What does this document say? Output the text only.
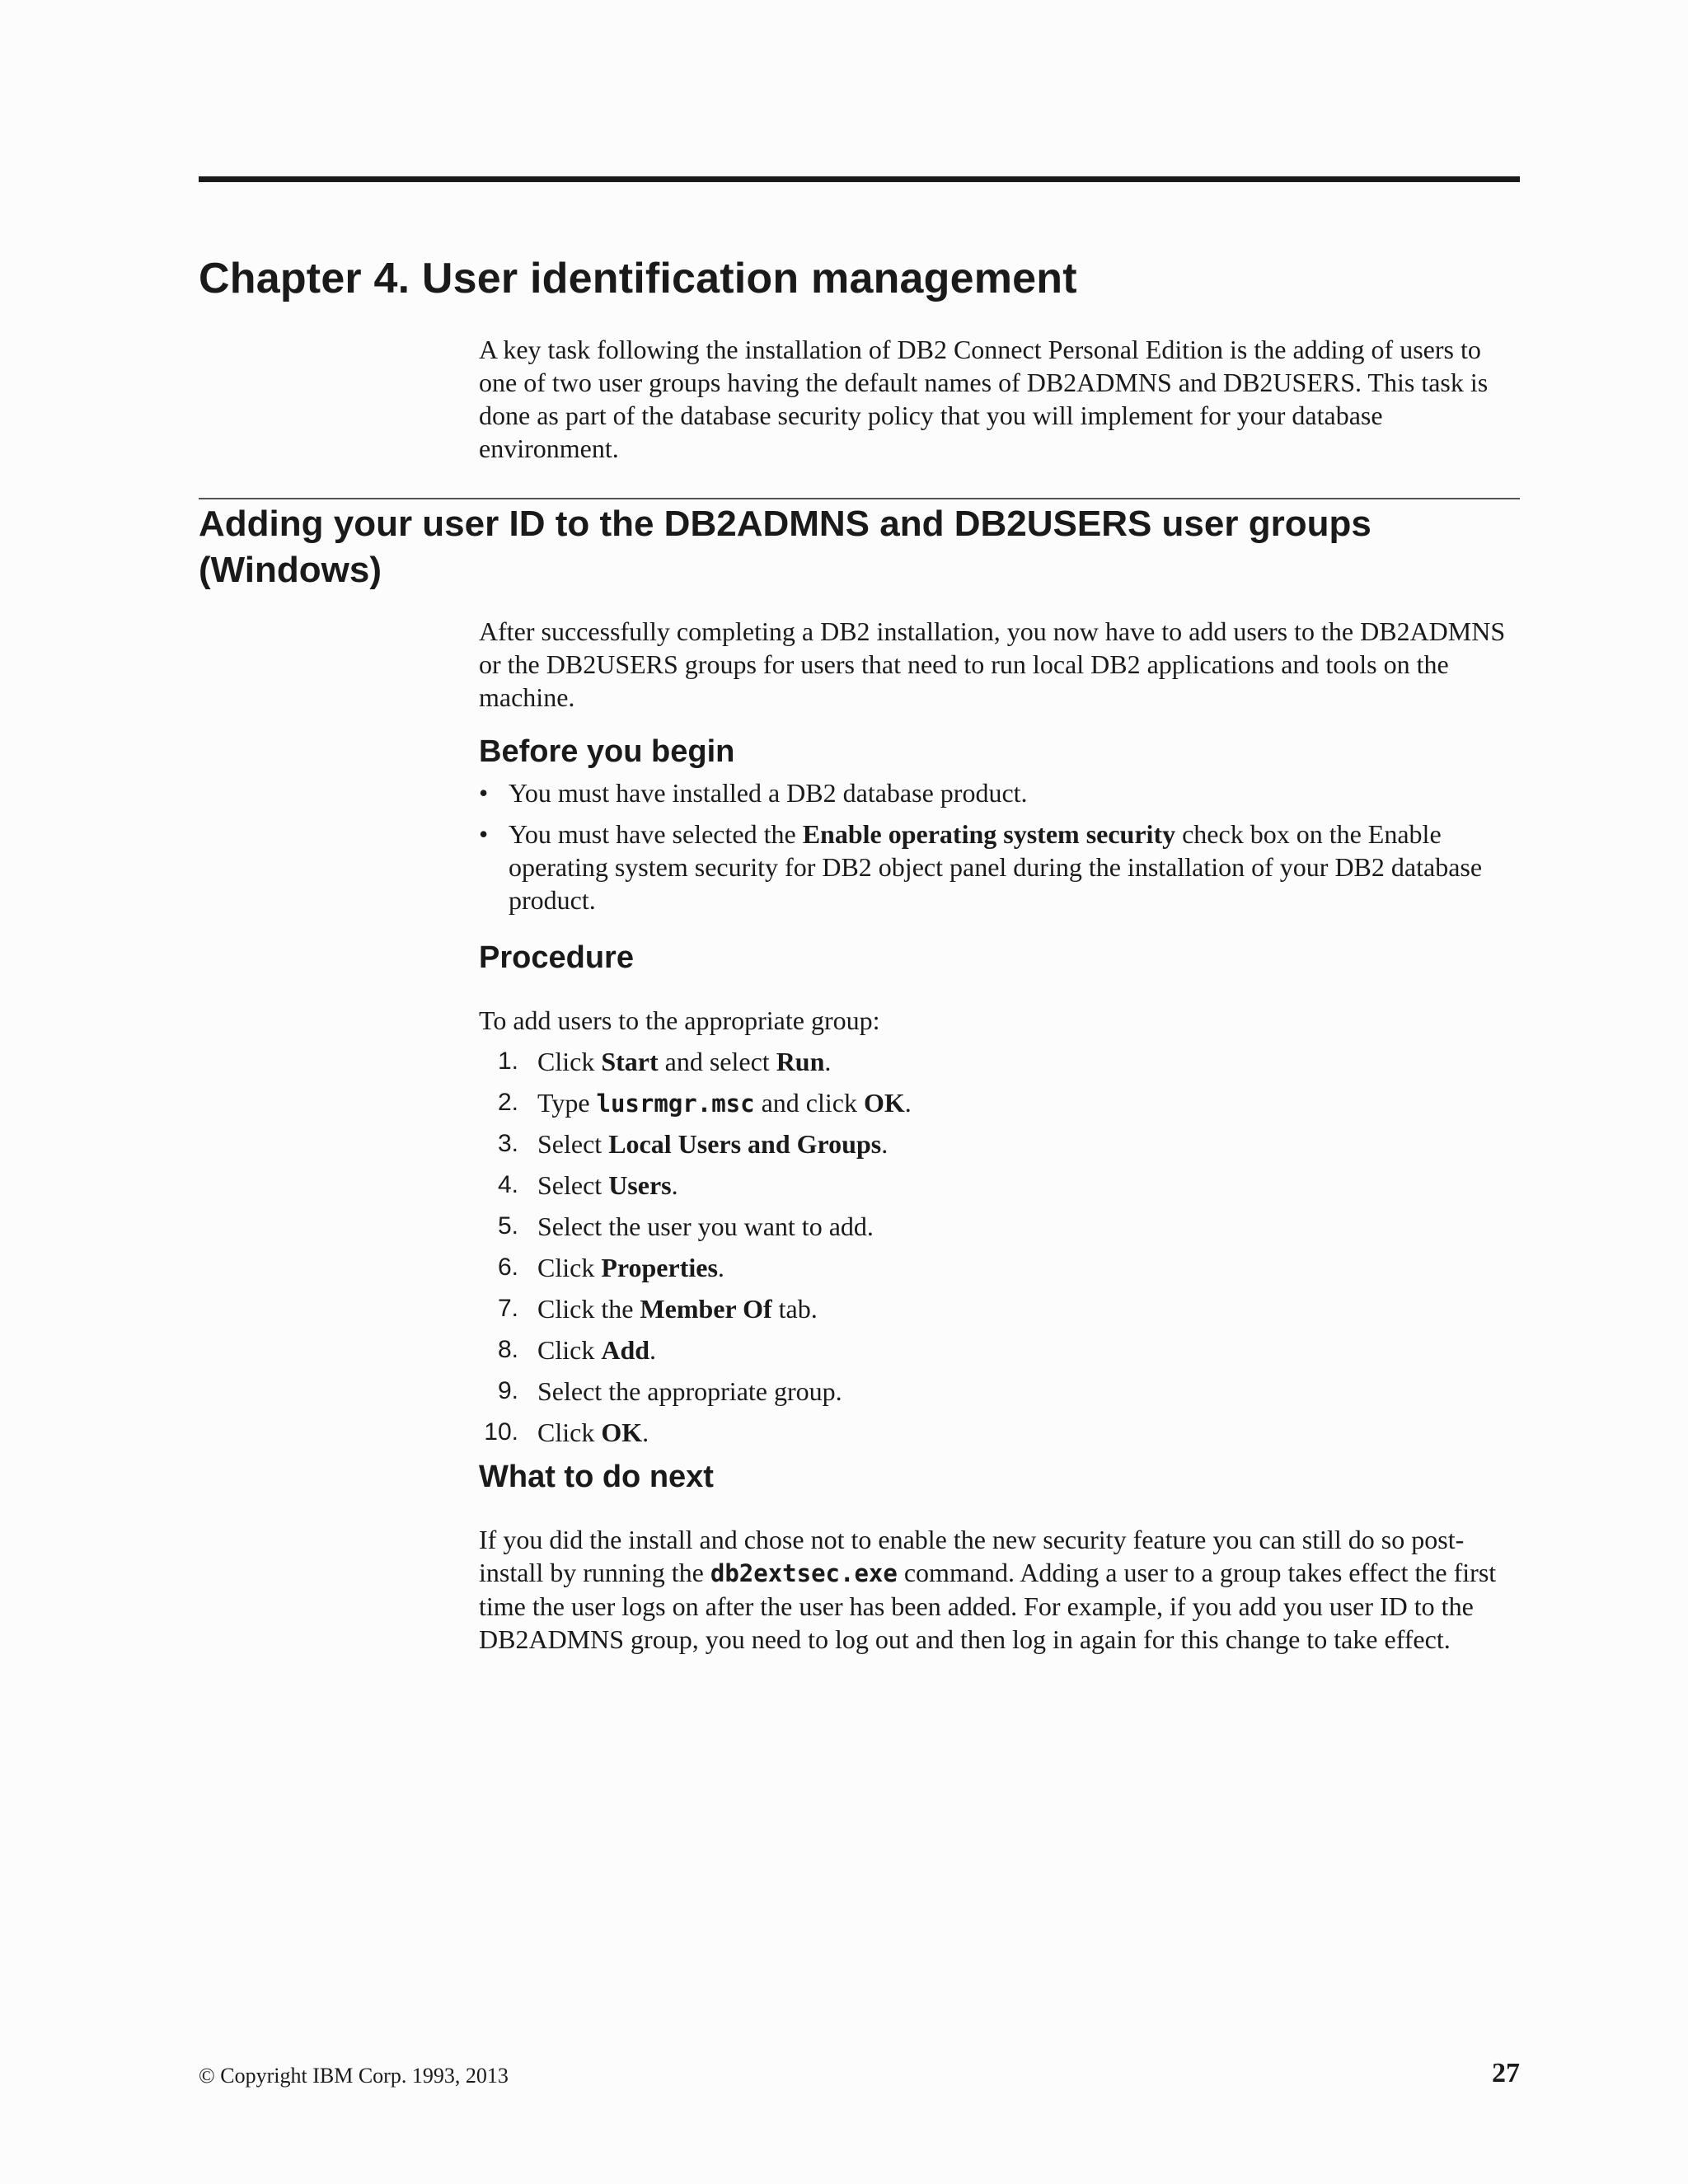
Chapter 4. User identification management

A key task following the installation of DB2 Connect Personal Edition is the adding of users to one of two user groups having the default names of DB2ADMNS and DB2USERS. This task is done as part of the database security policy that you will implement for your database environment.

Adding your user ID to the DB2ADMNS and DB2USERS user groups (Windows)

After successfully completing a DB2 installation, you now have to add users to the DB2ADMNS or the DB2USERS groups for users that need to run local DB2 applications and tools on the machine.

Before you begin
• You must have installed a DB2 database product.
• You must have selected the Enable operating system security check box on the Enable operating system security for DB2 object panel during the installation of your DB2 database product.
Procedure

To add users to the appropriate group:

1. Click Start and select Run.
2. Type lusrmgr.msc and click OK.
3. Select Local Users and Groups.
4. Select Users.
5. Select the user you want to add.
6. Click Properties.
7. Click the Member Of tab.
8. Click Add.
9. Select the appropriate group.
10. Click OK.
What to do next

If you did the install and chose not to enable the new security feature you can still do so post-install by running the db2extsec.exe command. Adding a user to a group takes effect the first time the user logs on after the user has been added. For example, if you add you user ID to the DB2ADMNS group, you need to log out and then log in again for this change to take effect.

© Copyright IBM Corp. 1993, 2013	27
